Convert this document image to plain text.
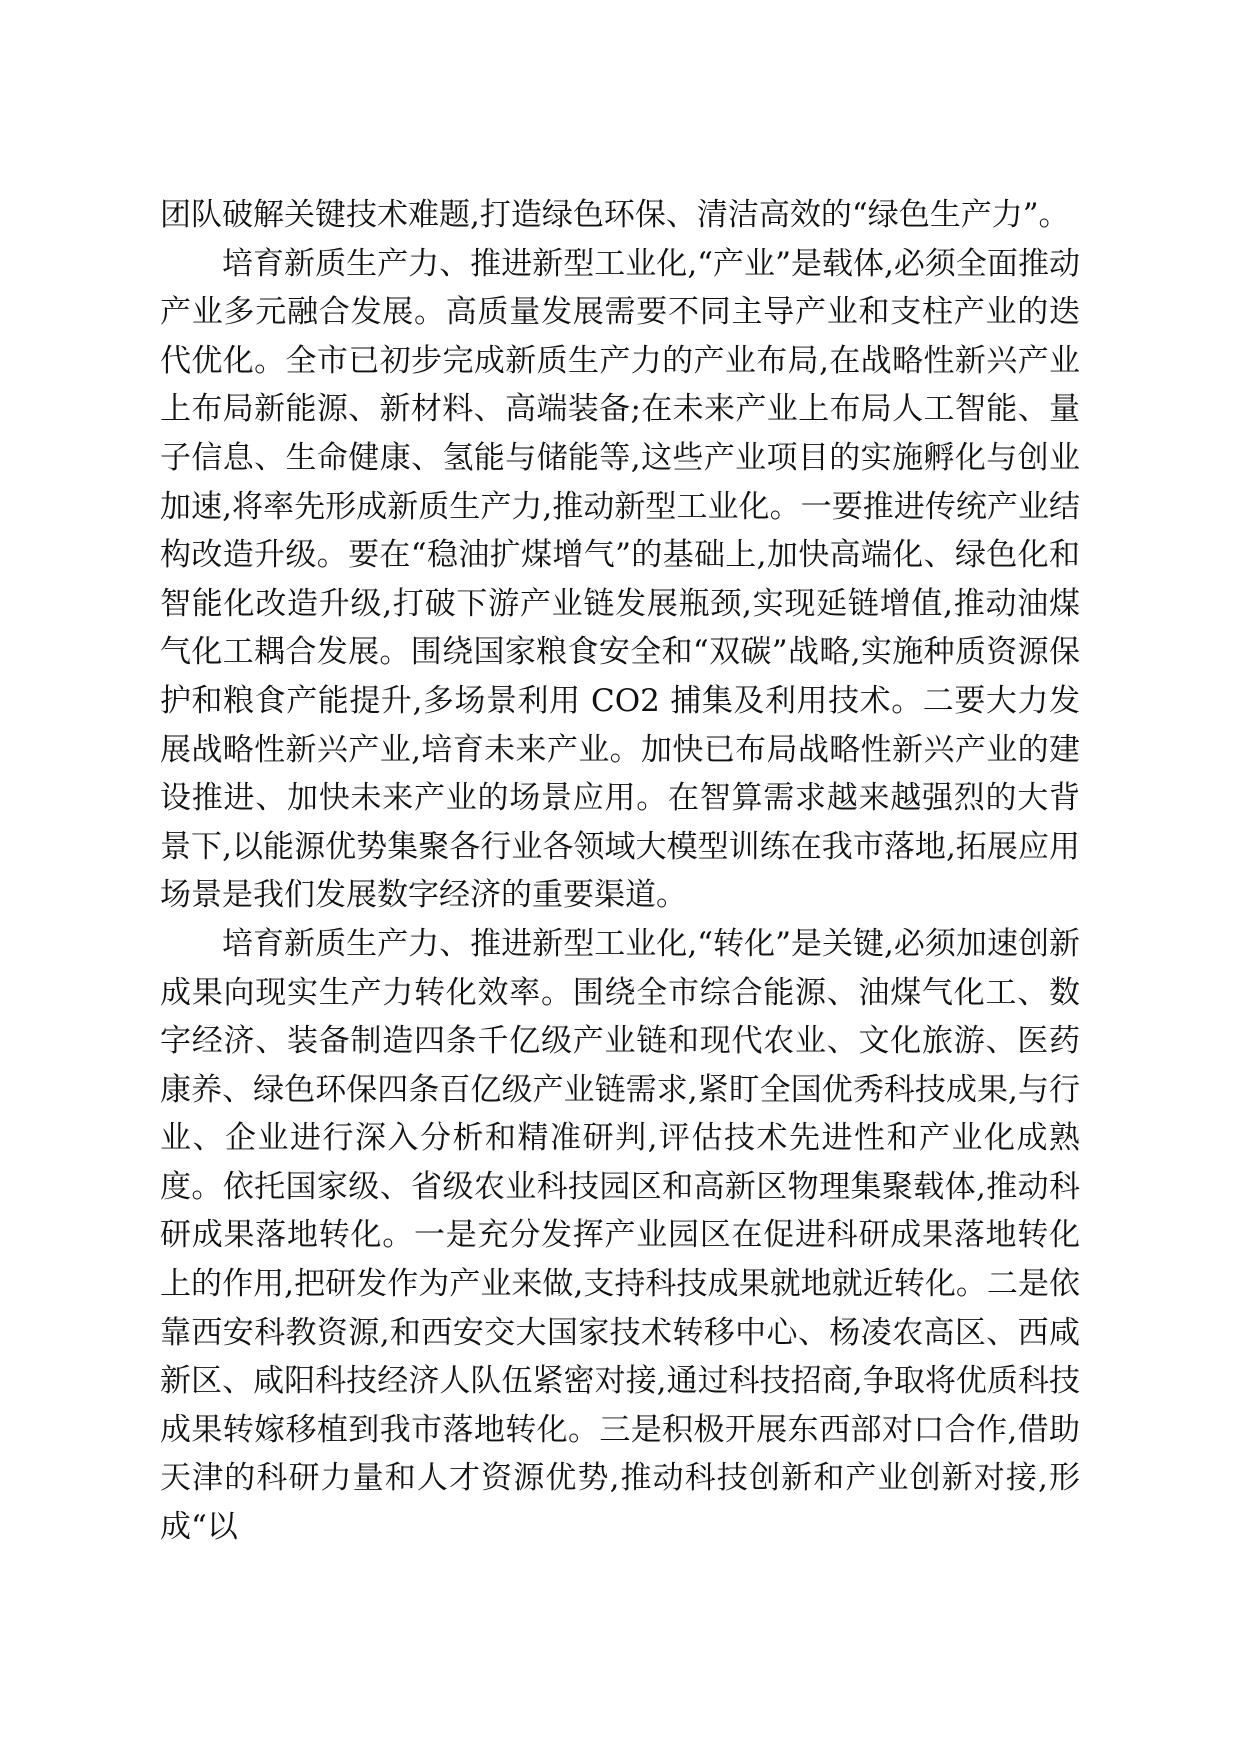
团队破解关键技术难题,打造绿色环保、清洁高效的“绿色生产力”。

培育新质生产力、推进新型工业化,“产业”是载体,必须全面推动产业多元融合发展。高质量发展需要不同主导产业和支柱产业的迭代优化。全市已初步完成新质生产力的产业布局,在战略性新兴产业上布局新能源、新材料、高端装备;在未来产业上布局人工智能、量子信息、生命健康、氢能与储能等,这些产业项目的实施孵化与创业加速,将率先形成新质生产力,推动新型工业化。一要推进传统产业结构改造升级。要在“稳油扩煤增气”的基础上,加快高端化、绿色化和智能化改造升级,打破下游产业链发展瓶颈,实现延链增值,推动油煤气化工耦合发展。围绕国家粮食安全和“双碳”战略,实施种质资源保护和粮食产能提升,多场景利用 CO2 捕集及利用技术。二要大力发展战略性新兴产业,培育未来产业。加快已布局战略性新兴产业的建设推进、加快未来产业的场景应用。在智算需求越来越强烈的大背景下,以能源优势集聚各行业各领域大模型训练在我市落地,拓展应用场景是我们发展数字经济的重要渠道。

培育新质生产力、推进新型工业化,“转化”是关键,必须加速创新成果向现实生产力转化效率。围绕全市综合能源、油煤气化工、数字经济、装备制造四条千亿级产业链和现代农业、文化旅游、医药康养、绿色环保四条百亿级产业链需求,紧盯全国优秀科技成果,与行业、企业进行深入分析和精准研判,评估技术先进性和产业化成熟度。依托国家级、省级农业科技园区和高新区物理集聚载体,推动科研成果落地转化。一是充分发挥产业园区在促进科研成果落地转化上的作用,把研发作为产业来做,支持科技成果就地就近转化。二是依靠西安科教资源,和西安交大国家技术转移中心、杨凌农高区、西咸新区、咸阳科技经济人队伍紧密对接,通过科技招商,争取将优质科技成果转嫁移植到我市落地转化。三是积极开展东西部对口合作,借助天津的科研力量和人才资源优势,推动科技创新和产业创新对接,形成“以
